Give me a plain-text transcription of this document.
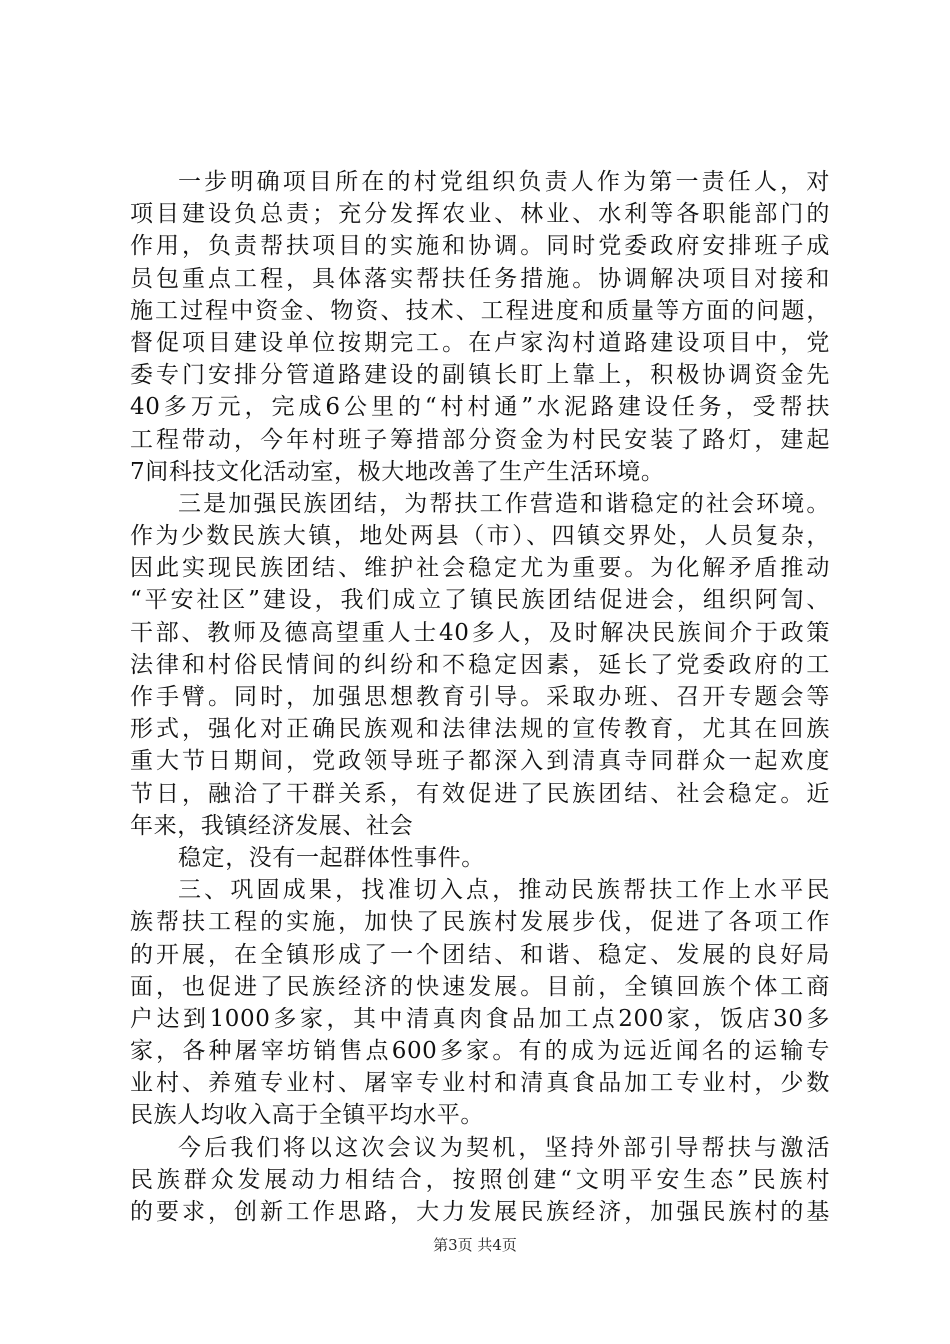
一步明确项目所在的村党组织负责人作为第一责任人，对
项目建设负总责；充分发挥农业、林业、水利等各职能部门的
作用，负责帮扶项目的实施和协调。同时党委政府安排班子成
员包重点工程，具体落实帮扶任务措施。协调解决项目对接和
施工过程中资金、物资、技术、工程进度和质量等方面的问题，
督促项目建设单位按期完工。在卢家沟村道路建设项目中，党
委专门安排分管道路建设的副镇长盯上靠上，积极协调资金先
40多万元，完成6公里的“村村通”水泥路建设任务，受帮扶
工程带动，今年村班子筹措部分资金为村民安装了路灯，建起
7间科技文化活动室，极大地改善了生产生活环境。
三是加强民族团结，为帮扶工作营造和谐稳定的社会环境。
作为少数民族大镇，地处两县（市）、四镇交界处，人员复杂，
因此实现民族团结、维护社会稳定尤为重要。为化解矛盾推动
“平安社区”建设，我们成立了镇民族团结促进会，组织阿訇、
干部、教师及德高望重人士40多人，及时解决民族间介于政策
法律和村俗民情间的纠纷和不稳定因素，延长了党委政府的工
作手臂。同时，加强思想教育引导。采取办班、召开专题会等
形式，强化对正确民族观和法律法规的宣传教育，尤其在回族
重大节日期间，党政领导班子都深入到清真寺同群众一起欢度
节日，融洽了干群关系，有效促进了民族团结、社会稳定。近
年来，我镇经济发展、社会
稳定，没有一起群体性事件。
三、巩固成果，找准切入点，推动民族帮扶工作上水平民
族帮扶工程的实施，加快了民族村发展步伐，促进了各项工作
的开展，在全镇形成了一个团结、和谐、稳定、发展的良好局
面，也促进了民族经济的快速发展。目前，全镇回族个体工商
户达到1000多家，其中清真肉食品加工点200家，饭店30多
家，各种屠宰坊销售点600多家。有的成为远近闻名的运输专
业村、养殖专业村、屠宰专业村和清真食品加工专业村，少数
民族人均收入高于全镇平均水平。
今后我们将以这次会议为契机，坚持外部引导帮扶与激活
民族群众发展动力相结合，按照创建“文明平安生态”民族村
的要求，创新工作思路，大力发展民族经济，加强民族村的基
第3页 共4页
